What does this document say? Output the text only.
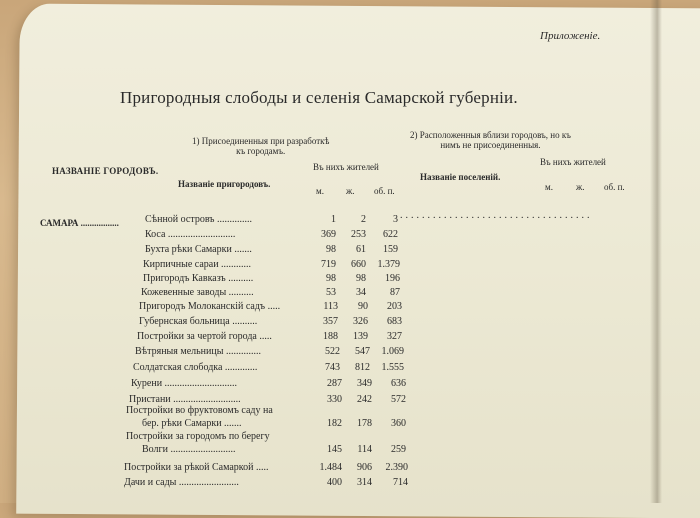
Приложеніе.
Пригородныя слободы и селенія Самарской губерніи.
1) Присоединенныя при разработкѣ
къ городамъ.
2) Расположенныя вблизи городовъ, но къ
нимъ не присоединенныя.
НАЗВАНІЕ ГОРОДОВЪ.
Названіе пригородовъ.
Въ нихъ жителей
Названіе поселеній.
Въ нихъ жителей
м. ж. об. п.	м.	ж. об. п.
САМАРА .................
...................................
Сѣнной островъ ..............	1	2	3
Коса ...........................	369	253	622
Бухта рѣки Самарки .......	98	61	159
Кирпичные сараи ............	719	660	1.379
Пригородъ Кавказъ ..........	98	98	196
Кожевенные заводы ..........	53	34	87
Пригородъ Молоканскій садъ .....	113	90	203
Губернская больница ..........	357	326	683
Постройки за чертой города .....	188	139	327
Вѣтряныя мельницы ..............	522	547	1.069
Солдатская слободка .............	743	812	1.555
Курени .............................	287	349	636
Пристани ...........................	330	242	572
Постройки во фруктовомъ саду на
бер. рѣки Самарки .......	182	178	360
Постройки за городомъ по берегу
Волги ..........................	145	114	259
Постройки за рѣкой Самаркой .....	1.484	906	2.390
Дачи и сады ........................	400	314	714
